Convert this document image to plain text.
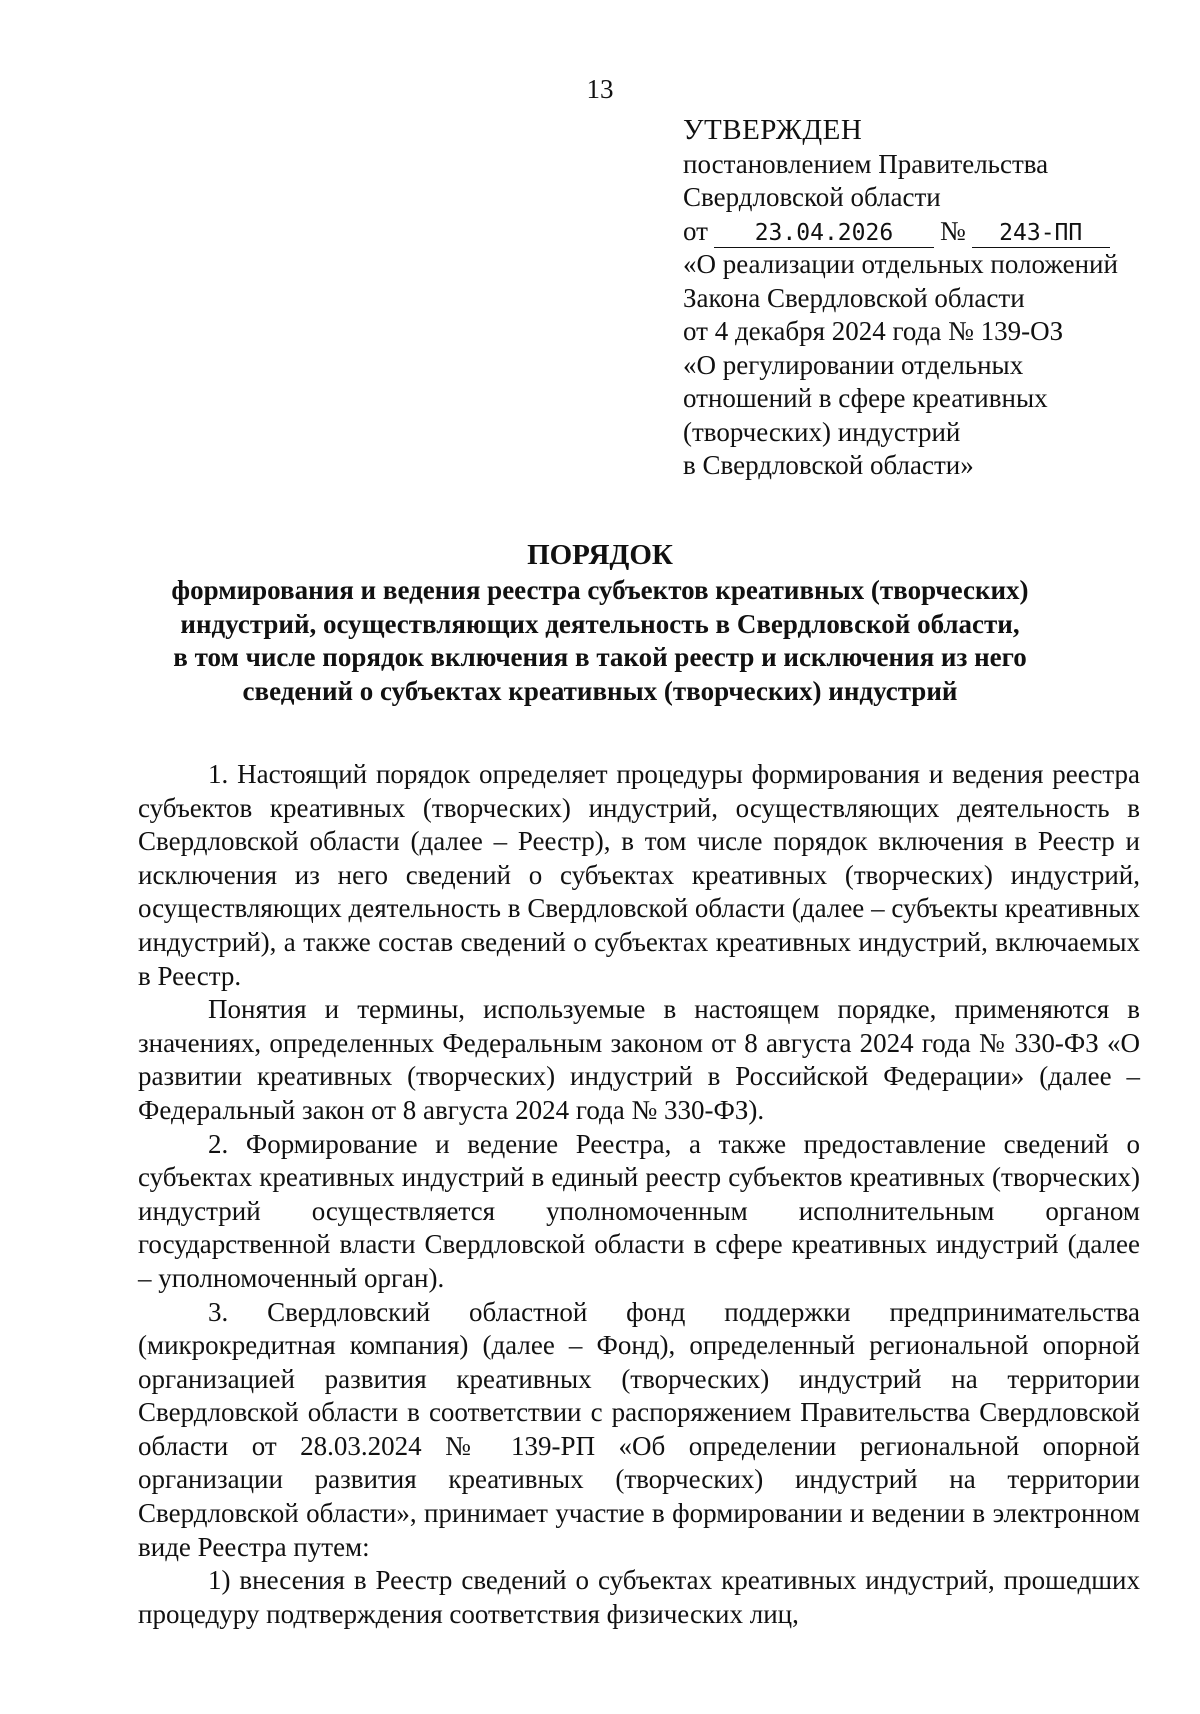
13
УТВЕРЖДЕН
постановлением Правительства
Свердловской области
от	23.04.2026	№	243-ПП
«О реализации отдельных положений
Закона Свердловской области
от 4 декабря 2024 года № 139-ОЗ
«О регулировании отдельных
отношений в сфере креативных
(творческих) индустрий
в Свердловской области»
ПОРЯДОК
формирования и ведения реестра субъектов креативных (творческих)
индустрий, осуществляющих деятельность в Свердловской области,
в том числе порядок включения в такой реестр и исключения из него
сведений о субъектах креативных (творческих) индустрий

1. Настоящий порядок определяет процедуры формирования и ведения реестра субъектов креативных (творческих) индустрий, осуществляющих деятельность в Свердловской области (далее – Реестр), в том числе порядок включения в Реестр и исключения из него сведений о субъектах креативных (творческих) индустрий, осуществляющих деятельность в Свердловской области (далее – субъекты креативных индустрий), а также состав сведений о субъектах креативных индустрий, включаемых в Реестр.

Понятия и термины, используемые в настоящем порядке, применяются в значениях, определенных Федеральным законом от 8 августа 2024 года № 330-ФЗ «О развитии креативных (творческих) индустрий в Российской Федерации» (далее – Федеральный закон от 8 августа 2024 года № 330-ФЗ).

2. Формирование и ведение Реестра, а также предоставление сведений о субъектах креативных индустрий в единый реестр субъектов креативных (творческих) индустрий осуществляется уполномоченным исполнительным органом государственной власти Свердловской области в сфере креативных индустрий (далее – уполномоченный орган).

3. Свердловский областной фонд поддержки предпринимательства (микрокредитная компания) (далее – Фонд), определенный региональной опорной организацией развития креативных (творческих) индустрий на территории Свердловской области в соответствии с распоряжением Правительства Свердловской области от 28.03.2024 № 139-РП «Об определении региональной опорной организации развития креативных (творческих) индустрий на территории Свердловской области», принимает участие в формировании и ведении в электронном виде Реестра путем:

1) внесения в Реестр сведений о субъектах креативных индустрий, прошедших процедуру подтверждения соответствия физических лиц,
